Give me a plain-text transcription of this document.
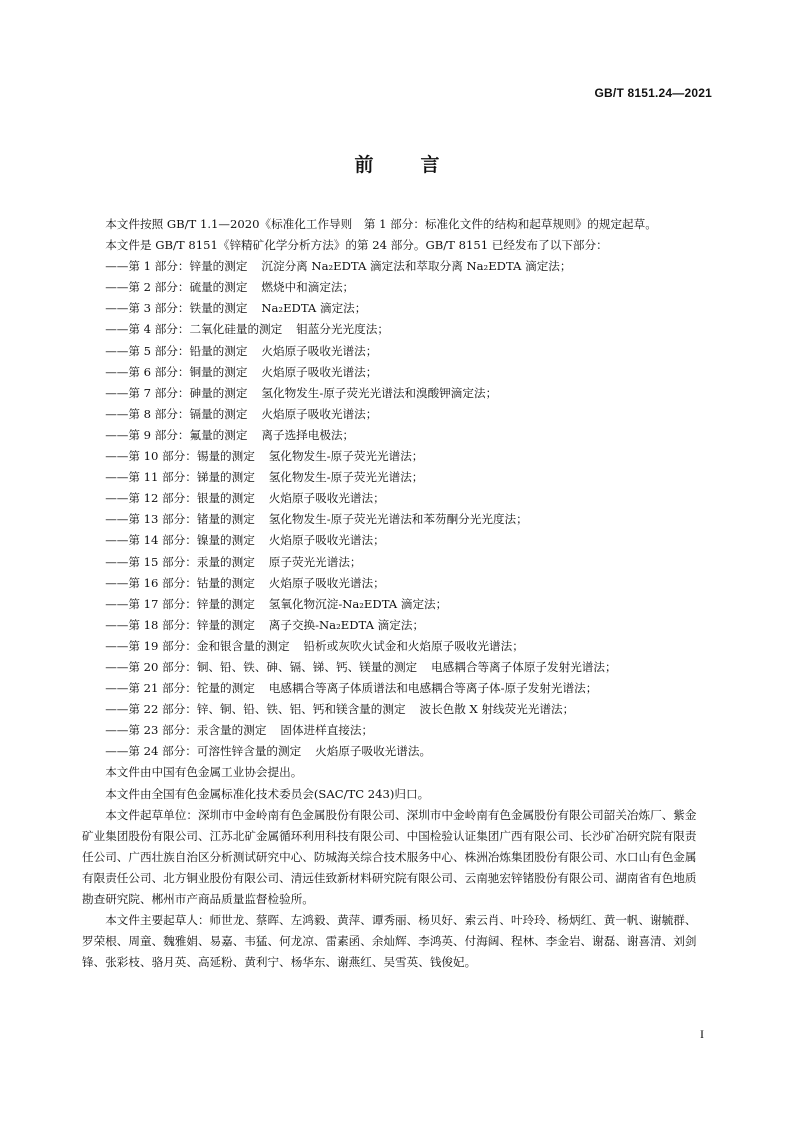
GB/T 8151.24—2021
前　言

本文件按照 GB/T 1.1—2020《标准化工作导则　第 1 部分：标准化文件的结构和起草规则》的规定起草。

本文件是 GB/T 8151《锌精矿化学分析方法》的第 24 部分。GB/T 8151 已经发布了以下部分：

——第 1 部分：锌量的测定 沉淀分离 Na₂EDTA 滴定法和萃取分离 Na₂EDTA 滴定法；
——第 2 部分：硫量的测定 燃烧中和滴定法；
——第 3 部分：铁量的测定 Na₂EDTA 滴定法；
——第 4 部分：二氧化硅量的测定 钼蓝分光光度法；
——第 5 部分：铅量的测定 火焰原子吸收光谱法；
——第 6 部分：铜量的测定 火焰原子吸收光谱法；
——第 7 部分：砷量的测定 氢化物发生-原子荧光光谱法和溴酸钾滴定法；
——第 8 部分：镉量的测定 火焰原子吸收光谱法；
——第 9 部分：氟量的测定 离子选择电极法；
——第 10 部分：锡量的测定 氢化物发生-原子荧光光谱法；
——第 11 部分：锑量的测定 氢化物发生-原子荧光光谱法；
——第 12 部分：银量的测定 火焰原子吸收光谱法；
——第 13 部分：锗量的测定 氢化物发生-原子荧光光谱法和苯芴酮分光光度法；
——第 14 部分：镍量的测定 火焰原子吸收光谱法；
——第 15 部分：汞量的测定 原子荧光光谱法；
——第 16 部分：钴量的测定 火焰原子吸收光谱法；
——第 17 部分：锌量的测定 氢氧化物沉淀-Na₂EDTA 滴定法；
——第 18 部分：锌量的测定 离子交换-Na₂EDTA 滴定法；
——第 19 部分：金和银含量的测定 铅析或灰吹火试金和火焰原子吸收光谱法；
——第 20 部分：铜、铅、铁、砷、镉、锑、钙、镁量的测定 电感耦合等离子体原子发射光谱法；
——第 21 部分：铊量的测定 电感耦合等离子体质谱法和电感耦合等离子体-原子发射光谱法；
——第 22 部分：锌、铜、铅、铁、铝、钙和镁含量的测定 波长色散 X 射线荧光光谱法；
——第 23 部分：汞含量的测定 固体进样直接法；
——第 24 部分：可溶性锌含量的测定 火焰原子吸收光谱法。

本文件由中国有色金属工业协会提出。

本文件由全国有色金属标准化技术委员会(SAC/TC 243)归口。

本文件起草单位：深圳市中金岭南有色金属股份有限公司、深圳市中金岭南有色金属股份有限公司韶关冶炼厂、紫金矿业集团股份有限公司、江苏北矿金属循环利用科技有限公司、中国检验认证集团广西有限公司、长沙矿冶研究院有限责任公司、广西壮族自治区分析测试研究中心、防城海关综合技术服务中心、株洲冶炼集团股份有限公司、水口山有色金属有限责任公司、北方铜业股份有限公司、清远佳致新材料研究院有限公司、云南驰宏锌锗股份有限公司、湖南省有色地质勘查研究院、郴州市产商品质量监督检验所。

本文件主要起草人：师世龙、蔡晖、左鸿毅、黄萍、谭秀丽、杨贝好、索云肖、叶玲玲、杨炳红、黄一帆、谢毓群、罗荣根、周童、魏雅娟、易嘉、韦猛、何龙凉、雷素函、余灿辉、李鸿英、付海阔、程林、李金岩、谢磊、谢喜清、刘剑锋、张彩枝、骆月英、高延粉、黄利宁、杨华东、谢燕红、吴雪英、钱俊妃。

I
